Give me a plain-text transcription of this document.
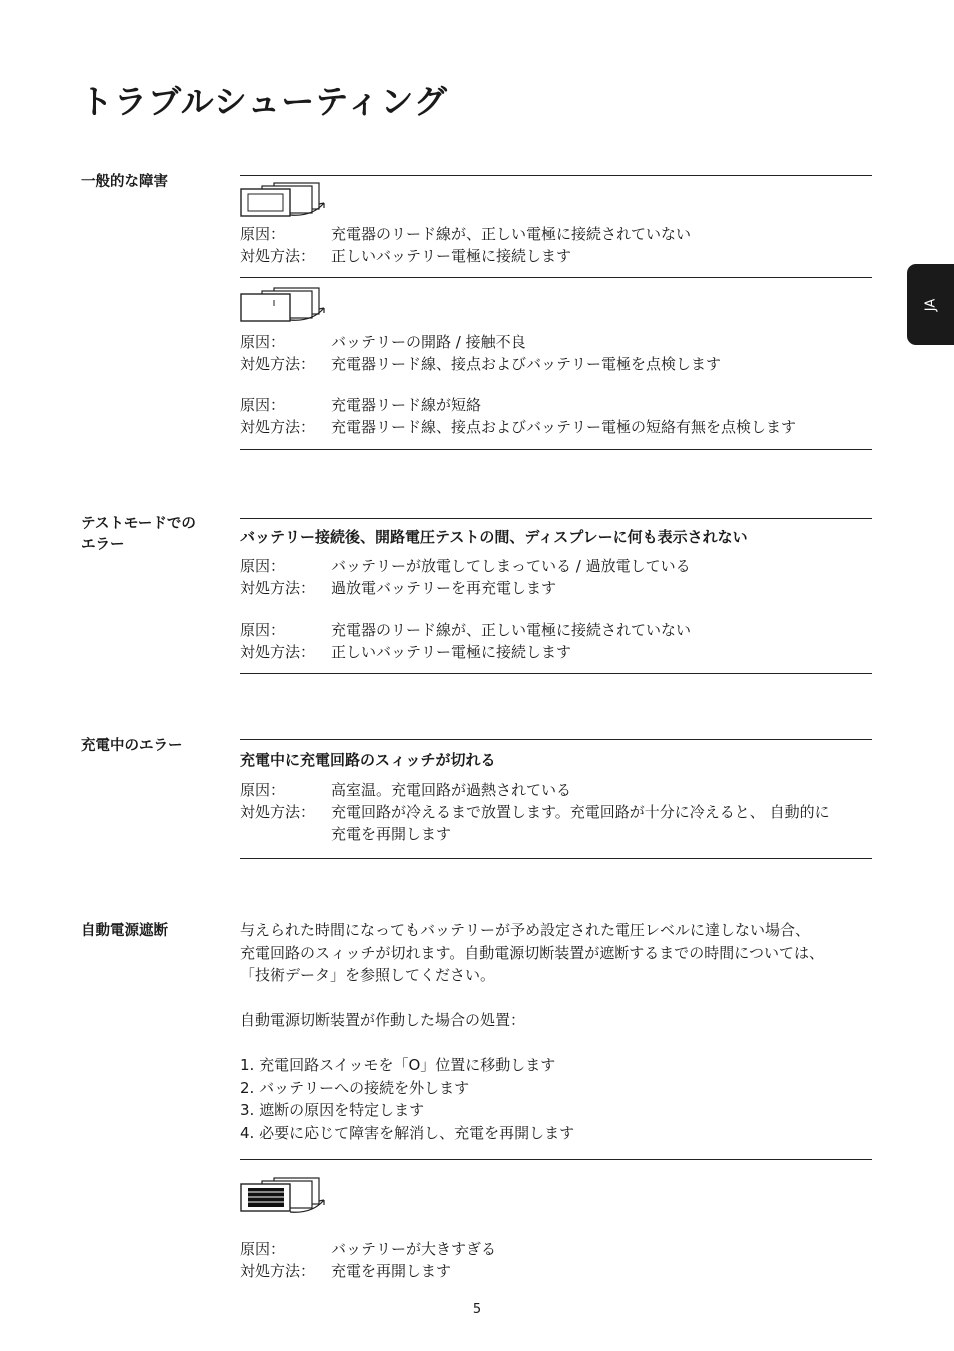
トラブルシューティング
JA
一般的な障害
原因：	充電器のリード線が、正しい電極に接続されていない
対処方法： 正しいバッテリー電極に接続します
原因：	バッテリーの開路 / 接触不良
対処方法： 充電器リード線、接点およびバッテリー電極を点検します
原因：	充電器リード線が短絡
対処方法： 充電器リード線、接点およびバッテリー電極の短絡有無を点検します
テストモードでの
エラー	バッテリー接続後、開路電圧テストの間、ディスプレーに何も表示されない
原因：	バッテリーが放電してしまっている / 過放電している
対処方法： 過放電バッテリーを再充電します
原因：	充電器のリード線が、正しい電極に接続されていない
対処方法： 正しいバッテリー電極に接続します
充電中のエラー
充電中に充電回路のスィッチが切れる
原因：	高室温。充電回路が過熱されている
対処方法： 充電回路が冷えるまで放置します。充電回路が十分に冷えると、 自動的に
充電を再開します
自動電源遮断	与えられた時間になってもバッテリーが予め設定された電圧レベルに達しない場合、
充電回路のスィッチが切れます。自動電源切断装置が遮断するまでの時間については、
「技術データ」を参照してください。
自動電源切断装置が作動した場合の処置：
1. 充電回路スイッモを「O」位置に移動します
2. バッテリーへの接続を外します
3. 遮断の原因を特定します
4. 必要に応じて障害を解消し、充電を再開します
原因：	バッテリーが大きすぎる
対処方法： 充電を再開します
5
